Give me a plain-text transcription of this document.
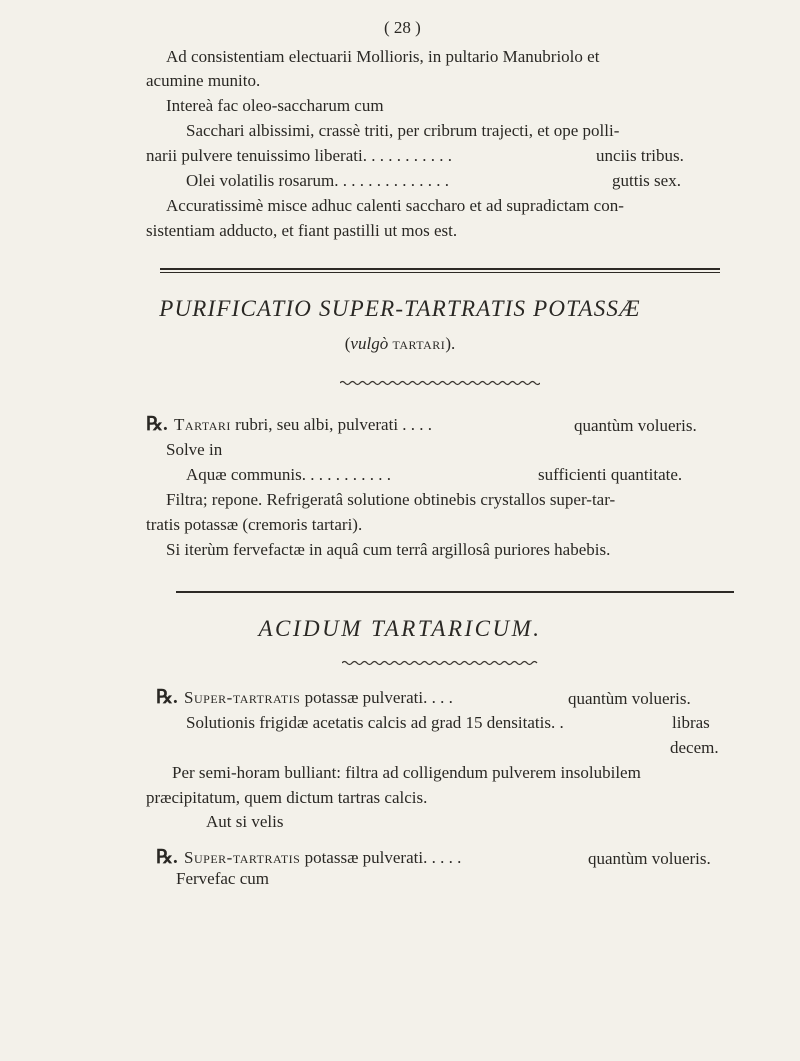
( 28 )
Ad consistentiam electuarii Mollioris, in pultario Manubriolo et
acumine munito.
Intereà fac oleo-saccharum cum
Sacchari albissimi, crassè triti, per cribrum trajecti, et ope polli-
narii pulvere tenuissimo liberati. . . . . . . . . . .	unciis tribus.
Olei volatilis rosarum. . . . . . . . . . . . . .	guttis sex.
Accuratissimè misce adhuc calenti saccharo et ad supradictam con-
sistentiam adducto, et fiant pastilli ut mos est.
PURIFICATIO SUPER-TARTRATIS POTASSÆ
(vulgò tartari).
℞. Tartari rubri, seu albi, pulverati . . . .	quantùm volueris.
Solve in
Aquæ communis. . . . . . . . . . .	sufficienti quantitate.
Filtra; repone. Refrigeratâ solutione obtinebis crystallos super-tar-
tratis potassæ (cremoris tartari).
Si iterùm fervefactæ in aquâ cum terrâ argillosâ puriores habebis.
ACIDUM TARTARICUM.
℞. Super-tartratis potassæ pulverati. . . .	quantùm volueris.
Solutionis frigidæ acetatis calcis ad grad 15 densitatis. .	libras
decem.
Per semi-horam bulliant: filtra ad colligendum pulverem insolubilem
præcipitatum, quem dictum tartras calcis.
Aut si velis
℞. Super-tartratis potassæ pulverati. . . . .	quantùm volueris.
Fervefac cum
